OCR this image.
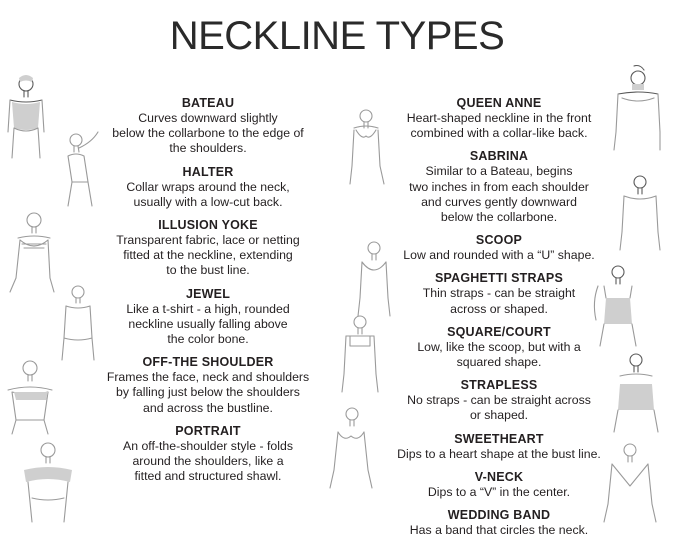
NECKLINE TYPES
BATEAU
Curves downward slightly
below the collarbone to the edge of
the shoulders.
HALTER
Collar wraps around the neck,
usually with a low-cut back.
ILLUSION YOKE
Transparent fabric, lace or netting
fitted at the neckline, extending
to the bust line.
JEWEL
Like a t-shirt - a high, rounded
neckline usually falling above
the color bone.
OFF-THE SHOULDER
Frames the face, neck and shoulders
by falling just below the shoulders
and across the bustline.
PORTRAIT
An off-the-shoulder style - folds
around the shoulders, like a
fitted and structured shawl.
QUEEN ANNE
Heart-shaped neckline in the front
combined with a collar-like back.
SABRINA
Similar to a Bateau, begins
two inches in from each shoulder
and curves gently downward
below the collarbone.
SCOOP
Low and rounded with a “U” shape.
SPAGHETTI STRAPS
Thin straps - can be straight
across or shaped.
SQUARE/COURT
Low, like the scoop, but with a
squared shape.
STRAPLESS
No straps - can be straight across
or shaped.
SWEETHEART
Dips to a heart shape at the bust line.
V-NECK
Dips to a “V” in the center.
WEDDING BAND
Has a band that circles the neck.
